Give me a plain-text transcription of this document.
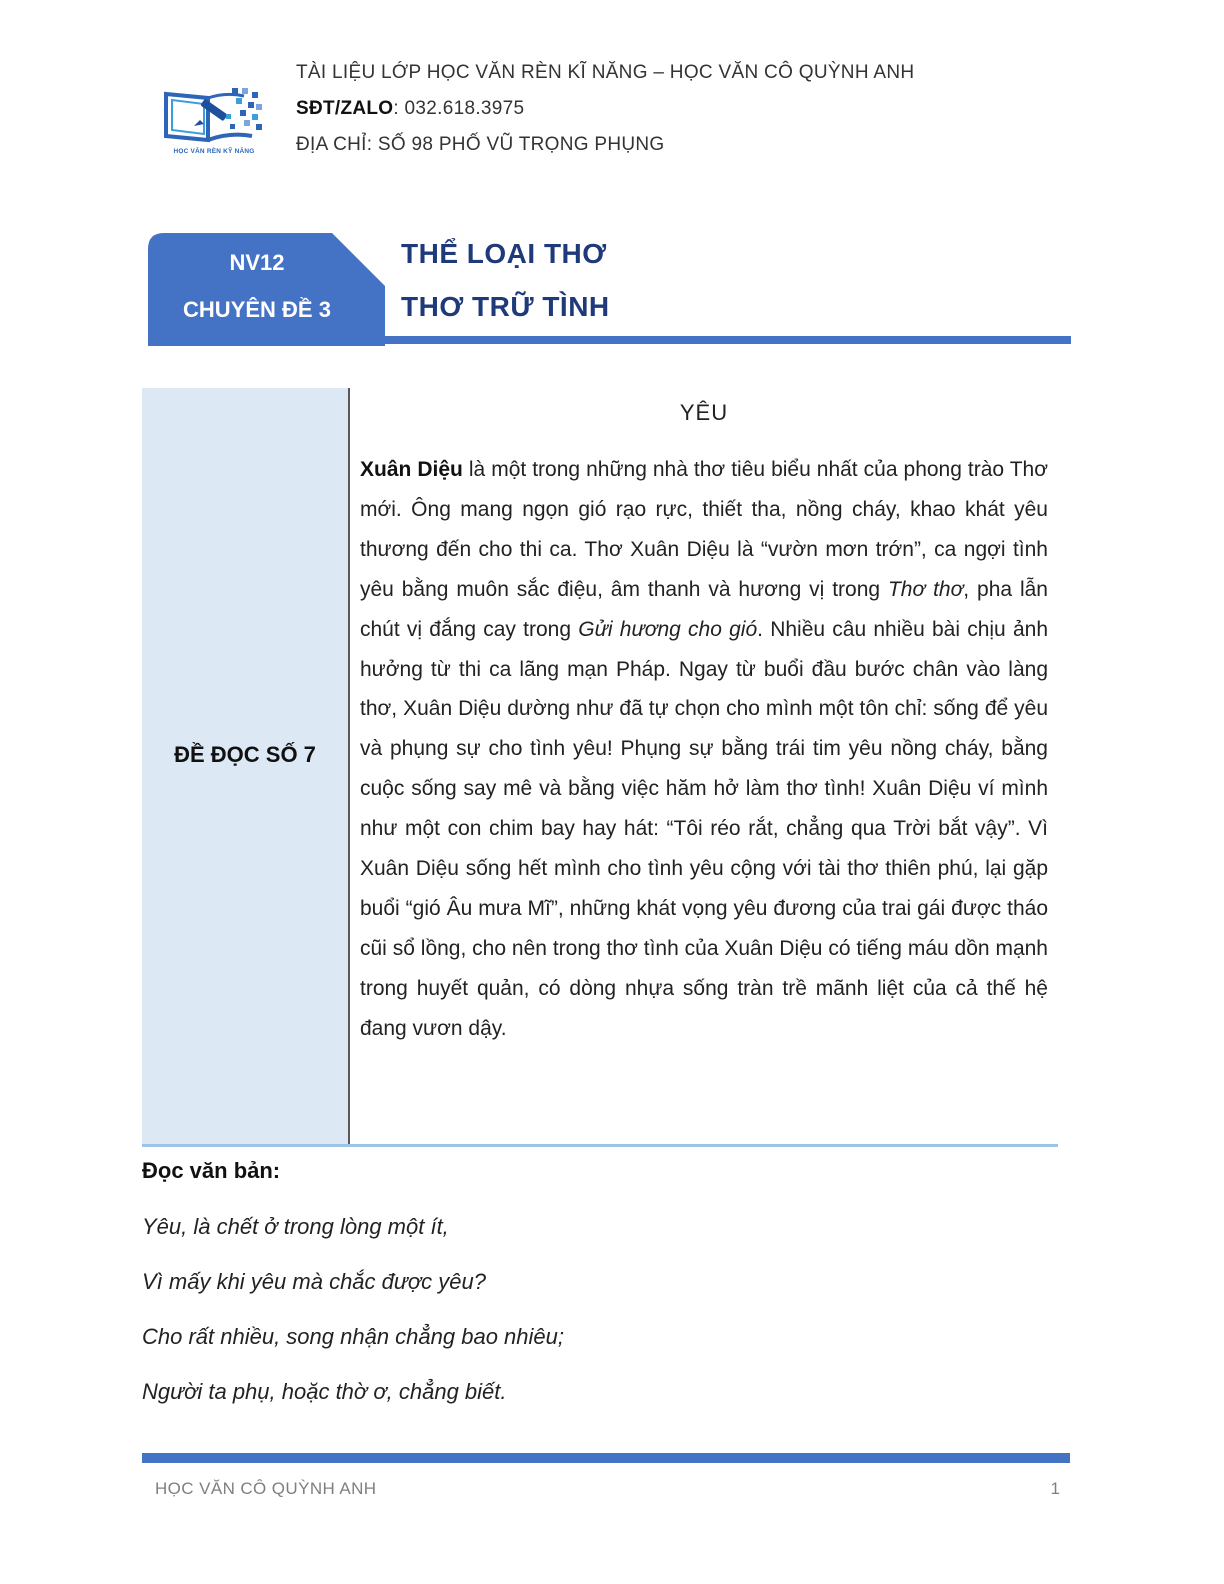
HỌC VĂN RÈN KỸ NĂNG
TÀI LIỆU LỚP HỌC VĂN RÈN KĨ NĂNG – HỌC VĂN CÔ QUỲNH ANH
SĐT/ZALO: 032.618.3975
ĐỊA CHỈ: SỐ 98 PHỐ VŨ TRỌNG PHỤNG
NV12
CHUYÊN ĐỀ 3
THỂ LOẠI THƠ
THƠ TRỮ TÌNH
ĐỀ ĐỌC SỐ 7
YÊU

Xuân Diệu là một trong những nhà thơ tiêu biểu nhất của phong trào Thơ mới. Ông mang ngọn gió rạo rực, thiết tha, nồng cháy, khao khát yêu thương đến cho thi ca. Thơ Xuân Diệu là “vườn mơn trớn”, ca ngợi tình yêu bằng muôn sắc điệu, âm thanh và hương vị trong Thơ thơ, pha lẫn chút vị đắng cay trong Gửi hương cho gió. Nhiều câu nhiều bài chịu ảnh hưởng từ thi ca lãng mạn Pháp. Ngay từ buổi đầu bước chân vào làng thơ, Xuân Diệu dường như đã tự chọn cho mình một tôn chỉ: sống để yêu và phụng sự cho tình yêu! Phụng sự bằng trái tim yêu nồng cháy, bằng cuộc sống say mê và bằng việc hăm hở làm thơ tình! Xuân Diệu ví mình như một con chim bay hay hát: “Tôi réo rắt, chẳng qua Trời bắt vậy”. Vì Xuân Diệu sống hết mình cho tình yêu cộng với tài thơ thiên phú, lại gặp buổi “gió Âu mưa Mĩ”, những khát vọng yêu đương của trai gái được tháo cũi sổ lồng, cho nên trong thơ tình của Xuân Diệu có tiếng máu dồn mạnh trong huyết quản, có dòng nhựa sống tràn trề mãnh liệt của cả thế hệ đang vươn dậy.

Đọc văn bản:
Yêu, là chết ở trong lòng một ít,
Vì mấy khi yêu mà chắc được yêu?
Cho rất nhiều, song nhận chẳng bao nhiêu;
Người ta phụ, hoặc thờ ơ, chẳng biết.
HỌC VĂN CÔ QUỲNH ANH	1
